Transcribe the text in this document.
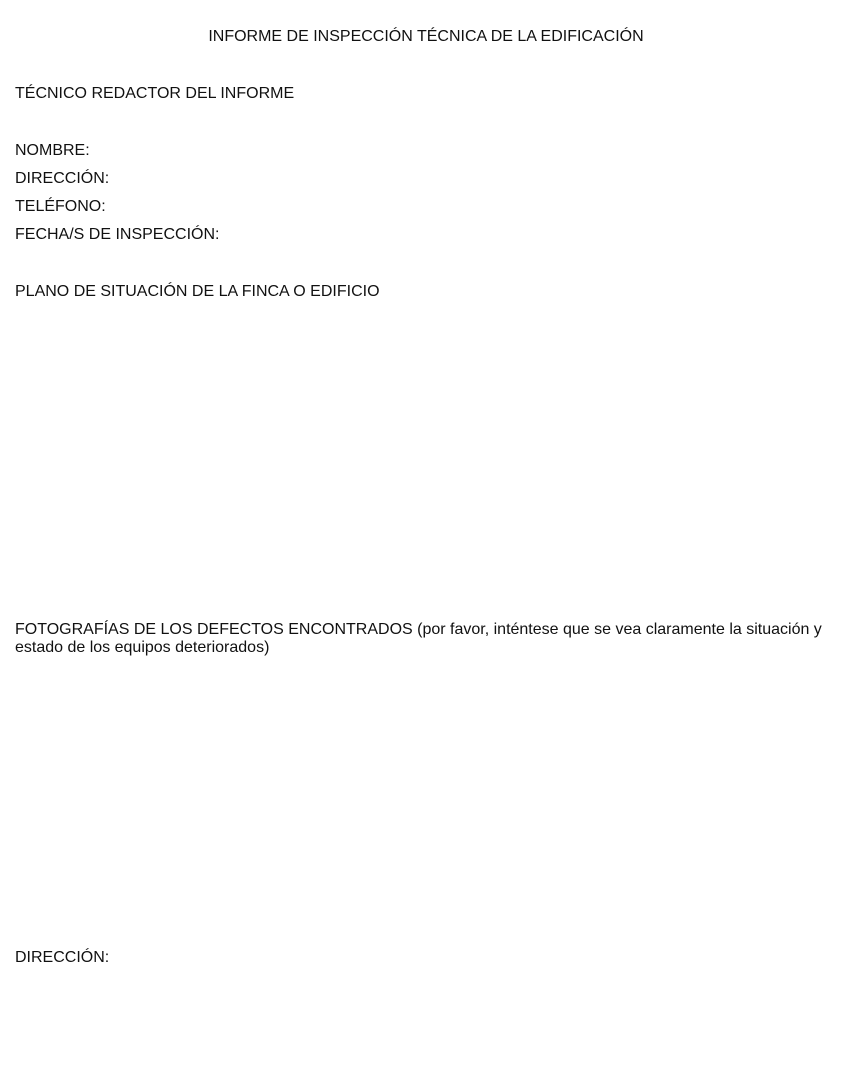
INFORME DE INSPECCIÓN TÉCNICA DE LA EDIFICACIÓN
TÉCNICO REDACTOR DEL INFORME
NOMBRE:
DIRECCIÓN:
TELÉFONO:
FECHA/S DE INSPECCIÓN:
PLANO DE SITUACIÓN DE LA FINCA O EDIFICIO
FOTOGRAFÍAS DE LOS DEFECTOS ENCONTRADOS (por favor, inténtese que se vea claramente la situación y estado de los equipos deteriorados)
DIRECCIÓN:
